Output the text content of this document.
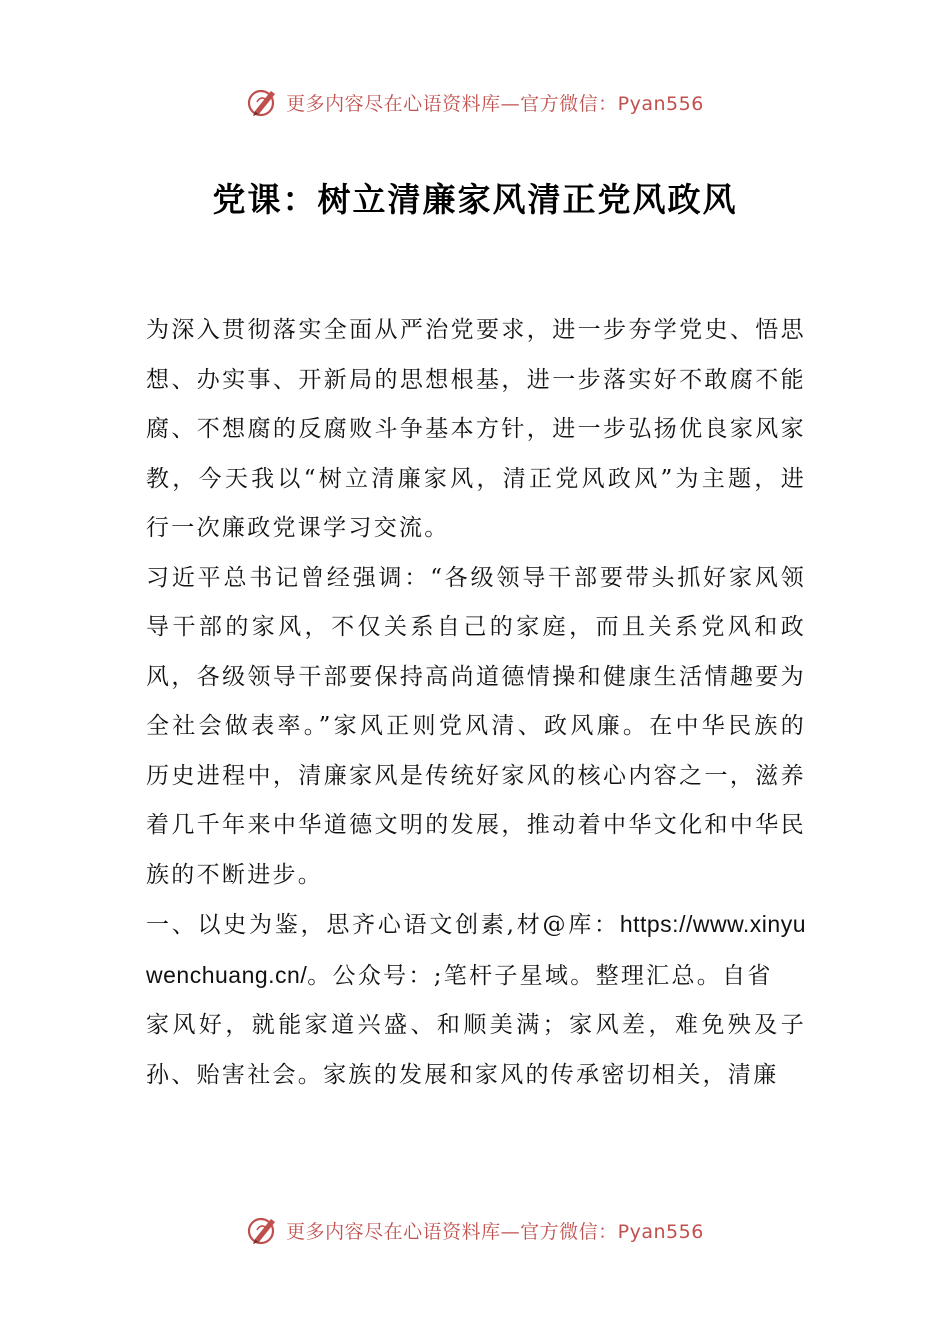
更多内容尽在心语资料库—官方微信：Pyan556
党课：树立清廉家风清正党风政风

为深入贯彻落实全面从严治党要求，进一步夯学党史、悟思想、办实事、开新局的思想根基，进一步落实好不敢腐不能腐、不想腐的反腐败斗争基本方针，进一步弘扬优良家风家教，今天我以“树立清廉家风，清正党风政风”为主题，进行一次廉政党课学习交流。

习近平总书记曾经强调：“各级领导干部要带头抓好家风领导干部的家风，不仅关系自己的家庭，而且关系党风和政风，各级领导干部要保持高尚道德情操和健康生活情趣要为全社会做表率。”家风正则党风清、政风廉。在中华民族的历史进程中，清廉家风是传统好家风的核心内容之一，滋养着几千年来中华道德文明的发展，推动着中华文化和中华民族的不断进步。

一、以史为鉴，思齐心语文创素,材@库：https://www.xinyuwenchuang.cn/。公众号：;笔杆子星域。整理汇总。自省

家风好，就能家道兴盛、和顺美满；家风差，难免殃及子孙、贻害社会。家族的发展和家风的传承密切相关，清廉

更多内容尽在心语资料库—官方微信：Pyan556
